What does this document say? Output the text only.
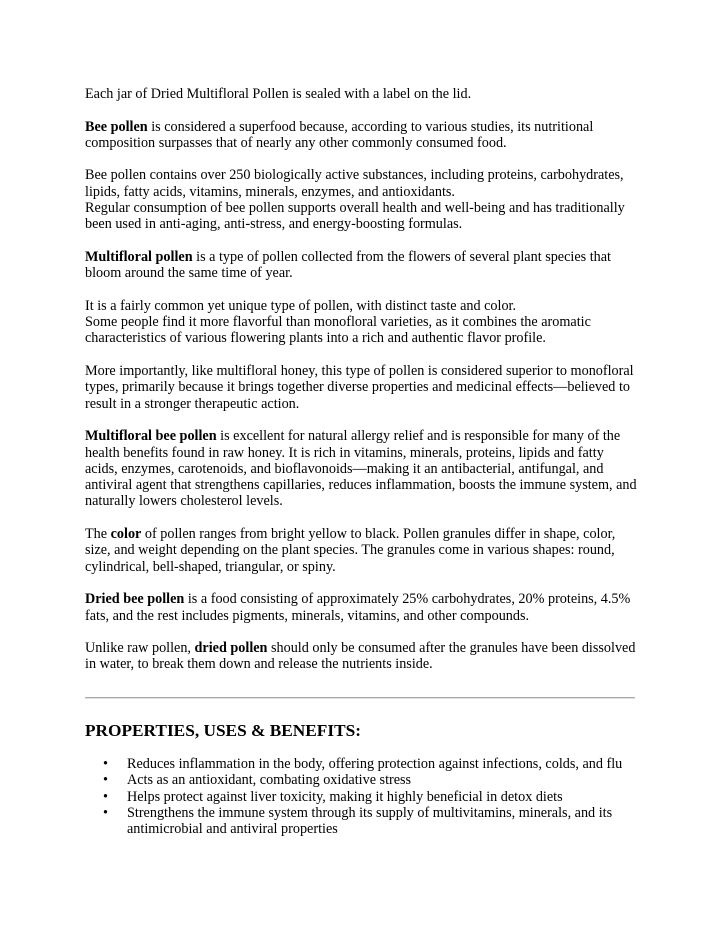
Each jar of Dried Multifloral Pollen is sealed with a label on the lid.

Bee pollen is considered a superfood because, according to various studies, its nutritional composition surpasses that of nearly any other commonly consumed food.

Bee pollen contains over 250 biologically active substances, including proteins, carbohydrates, lipids, fatty acids, vitamins, minerals, enzymes, and antioxidants.

Regular consumption of bee pollen supports overall health and well-being and has traditionally been used in anti-aging, anti-stress, and energy-boosting formulas.

Multifloral pollen is a type of pollen collected from the flowers of several plant species that bloom around the same time of year.

It is a fairly common yet unique type of pollen, with distinct taste and color.

Some people find it more flavorful than monofloral varieties, as it combines the aromatic characteristics of various flowering plants into a rich and authentic flavor profile.

More importantly, like multifloral honey, this type of pollen is considered superior to monofloral types, primarily because it brings together diverse properties and medicinal effects—believed to result in a stronger therapeutic action.

Multifloral bee pollen is excellent for natural allergy relief and is responsible for many of the health benefits found in raw honey. It is rich in vitamins, minerals, proteins, lipids and fatty acids, enzymes, carotenoids, and bioflavonoids—making it an antibacterial, antifungal, and antiviral agent that strengthens capillaries, reduces inflammation, boosts the immune system, and naturally lowers cholesterol levels.

The color of pollen ranges from bright yellow to black. Pollen granules differ in shape, color, size, and weight depending on the plant species. The granules come in various shapes: round, cylindrical, bell-shaped, triangular, or spiny.

Dried bee pollen is a food consisting of approximately 25% carbohydrates, 20% proteins, 4.5% fats, and the rest includes pigments, minerals, vitamins, and other compounds.

Unlike raw pollen, dried pollen should only be consumed after the granules have been dissolved in water, to break them down and release the nutrients inside.

PROPERTIES, USES & BENEFITS:
• Reduces inflammation in the body, offering protection against infections, colds, and flu
• Acts as an antioxidant, combating oxidative stress
• Helps protect against liver toxicity, making it highly beneficial in detox diets
• Strengthens the immune system through its supply of multivitamins, minerals, and its antimicrobial and antiviral properties
